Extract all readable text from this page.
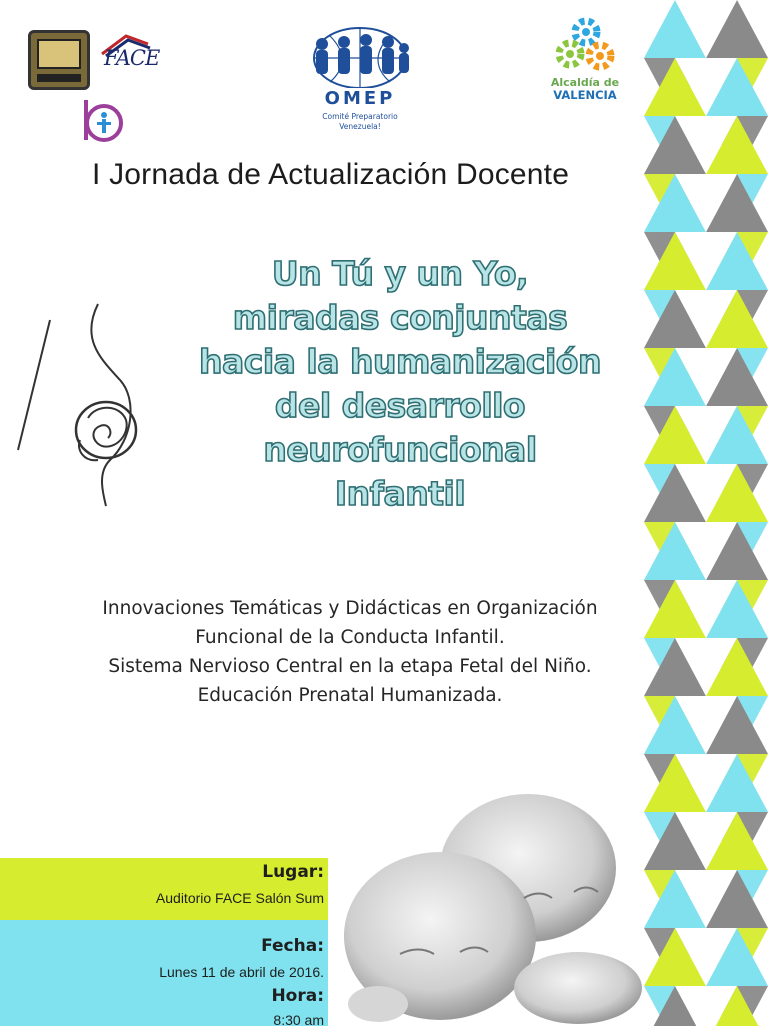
FACE
OMEP
Comité Preparatorio
Venezuela!
Alcaldía de
VALENCIA
I Jornada de Actualización Docente
Un Tú y un Yo,
miradas conjuntas
hacia la humanización
del desarrollo
neurofuncional
Infantil
Innovaciones Temáticas y Didácticas en Organización
Funcional de la Conducta Infantil.
Sistema Nervioso Central en la etapa Fetal del Niño.
Educación Prenatal Humanizada.
Lugar:
Auditorio FACE Salón Sum
Fecha:
Lunes 11 de abril de 2016.
Hora:
8:30 am
